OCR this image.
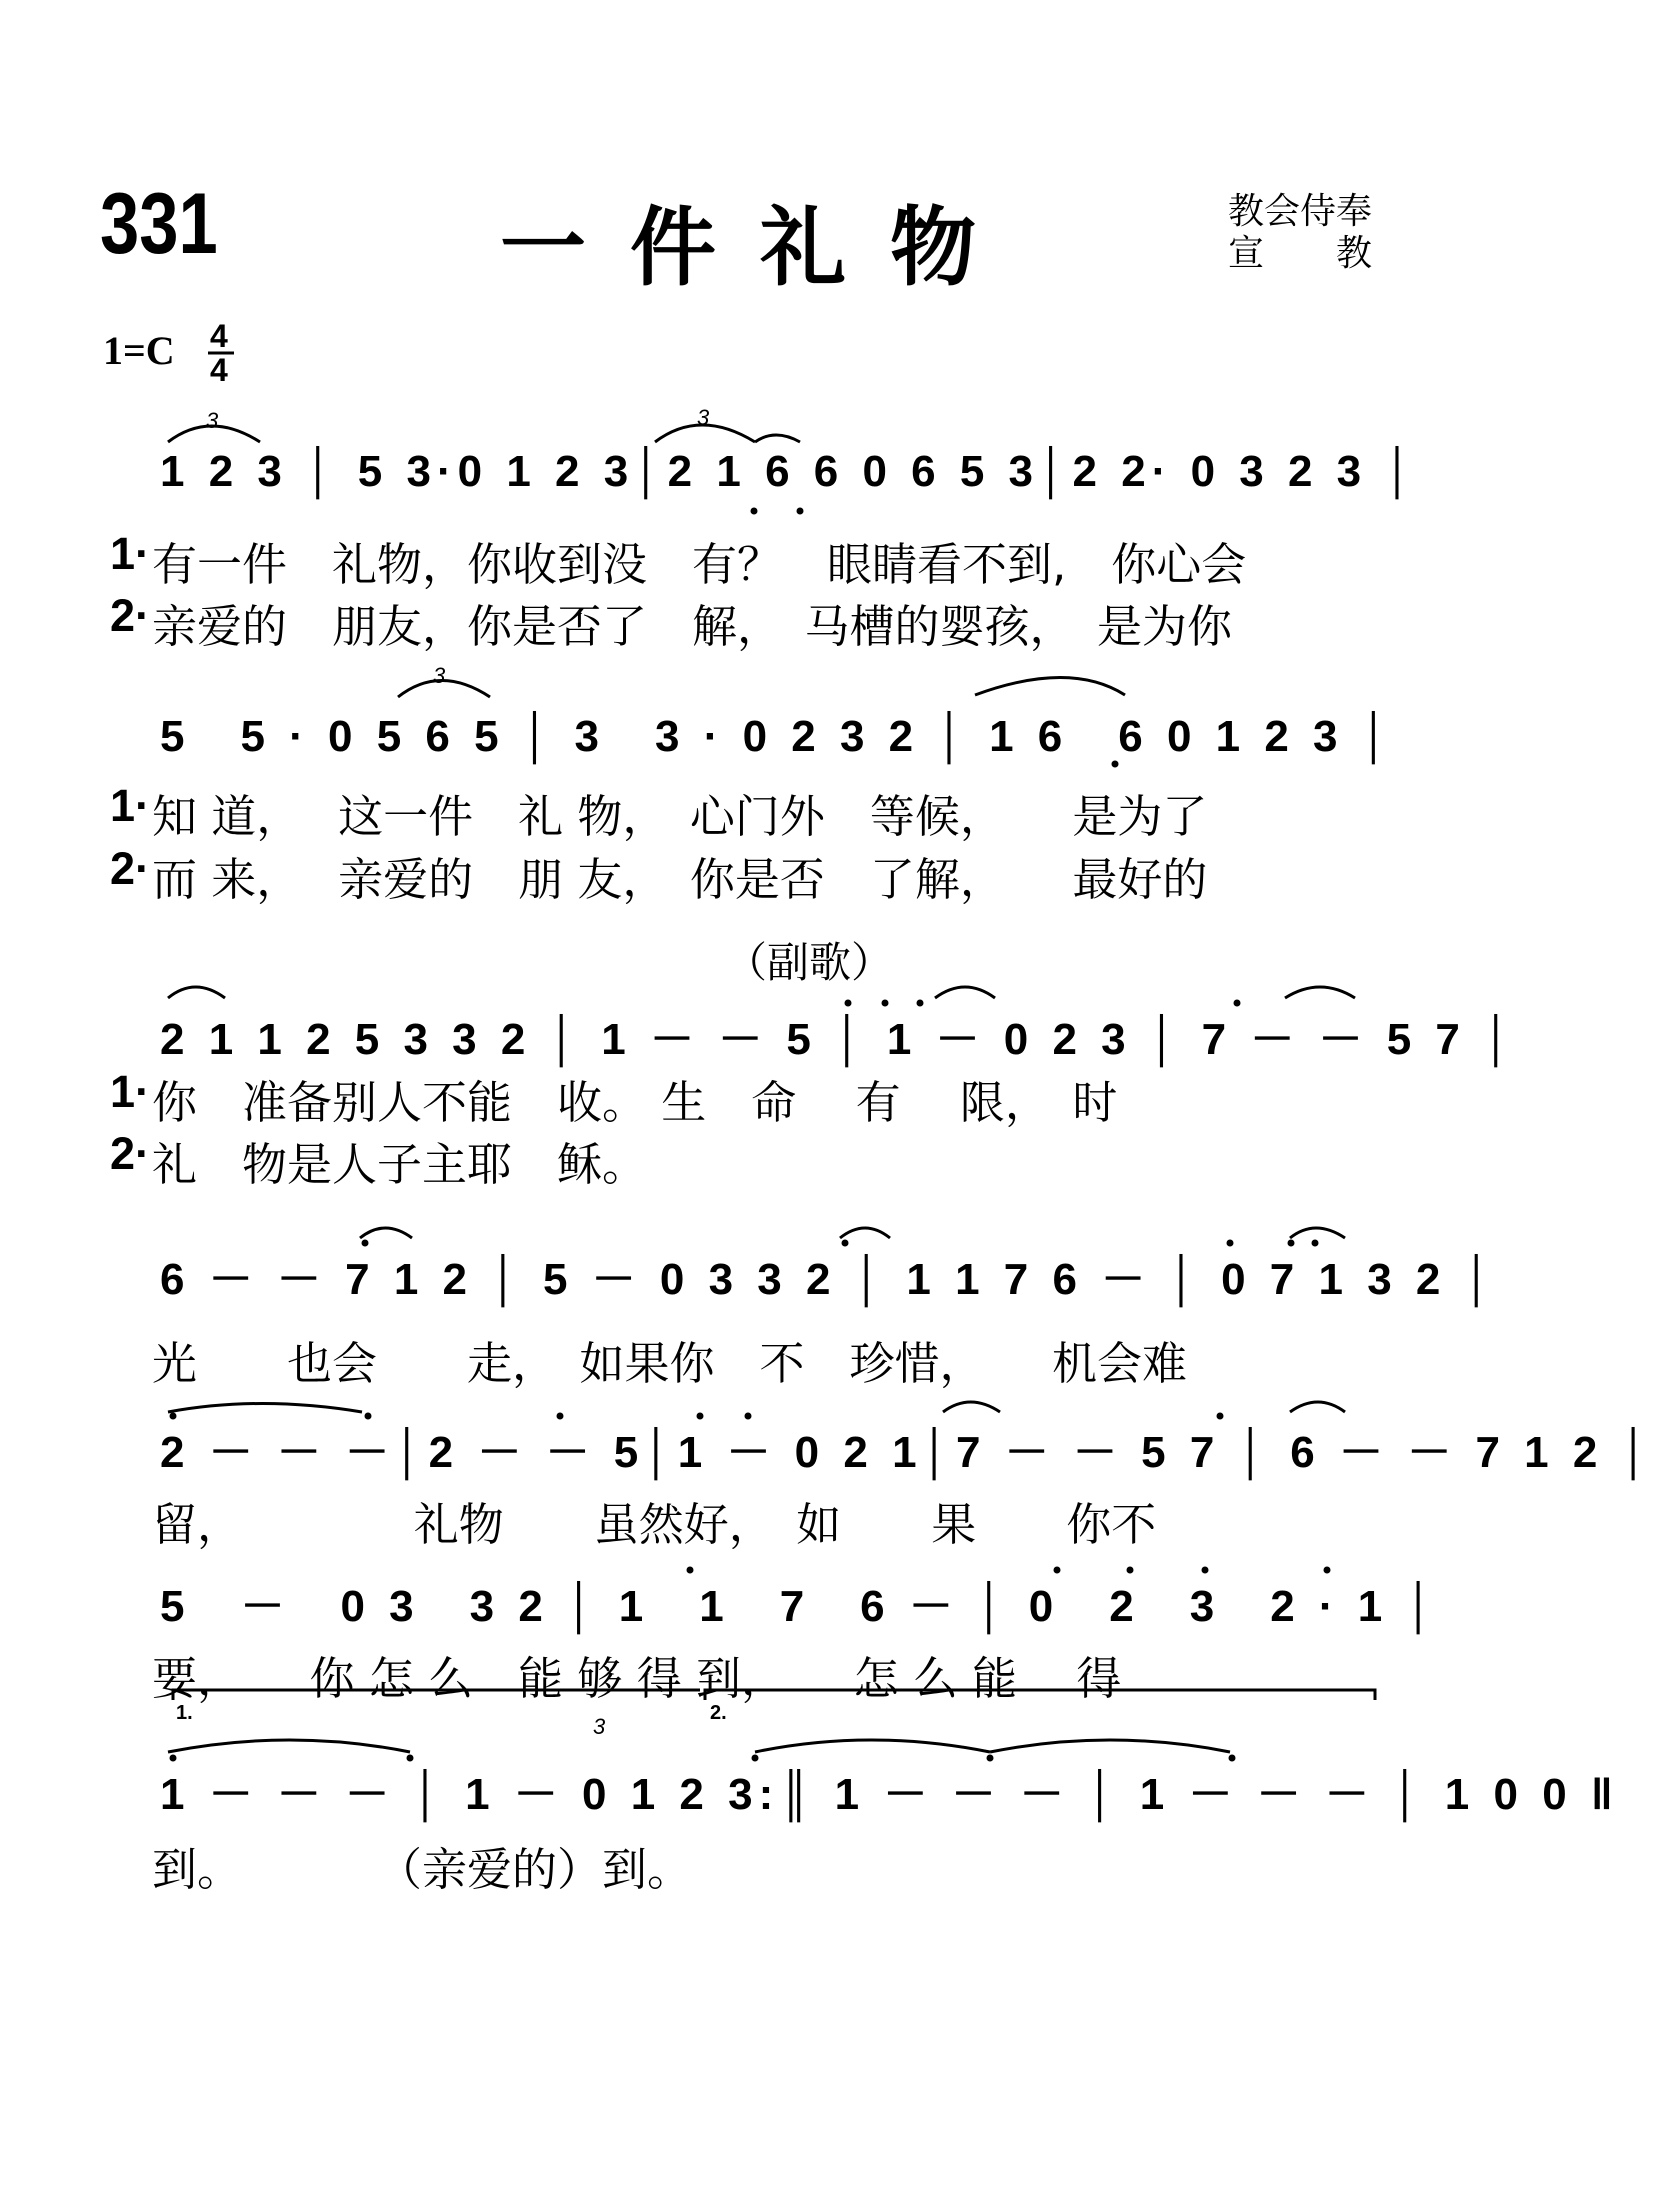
331	一件礼物	教会侍奉
宣　　教
1=C 4
4
1 2 3 │ 5 3·0 1 2 3│2 1 6 6 0 6 5 3│2 2· 0 3 2 3 │
1· 有一件　礼物，你收到没　有？　眼睛看不到,　你心会
2· 亲爱的　朋友，你是否了　解，　马槽的婴孩，　是为你
5　5 · 0 5 6 5 │ 3　3 · 0 2 3 2 │ 1 6　6 0 1 2 3 │
1· 知 道，　 这一件　礼 物，　心门外　等候，　　是为了
2· 而 来，　 亲爱的　朋 友，　你是否　了解，　　最好的
（副歌）
2 1 1 2 5 3 3 2 │ 1 － － 5 │ 1 － 0 2 3 │ 7 － － 5 7 │
1· 你　准备别人不能　收。 生　命　 有　 限，　时
2· 礼　物是人子主耶　稣。
6 － － 7 1 2 │ 5 － 0 3 3 2 │ 1 1 7 6 － │ 0 7 1 3 2 │
光　　也会　　走，　如果你　不　珍惜，　　机会难
2 － － －│2 － － 5│1 － 0 2 1│7 － － 5 7 │ 6 － － 7 1 2 │
留，　　　　 礼物　　虽然好，　如　　果　　你不
5　－　0 3　3 2 │ 1　1　7　6 － │ 0　2　3　2 · 1 │
要，　　你 怎 么　能 够 得 到，　　怎 么 能　 得
1.	2.
1 － － － │ 1 － 0 1 2 3:║ 1 － － － │ 1 － － － │ 1 0 0 ‖
到。　　　　（亲爱的）到。
3	3
3
3
